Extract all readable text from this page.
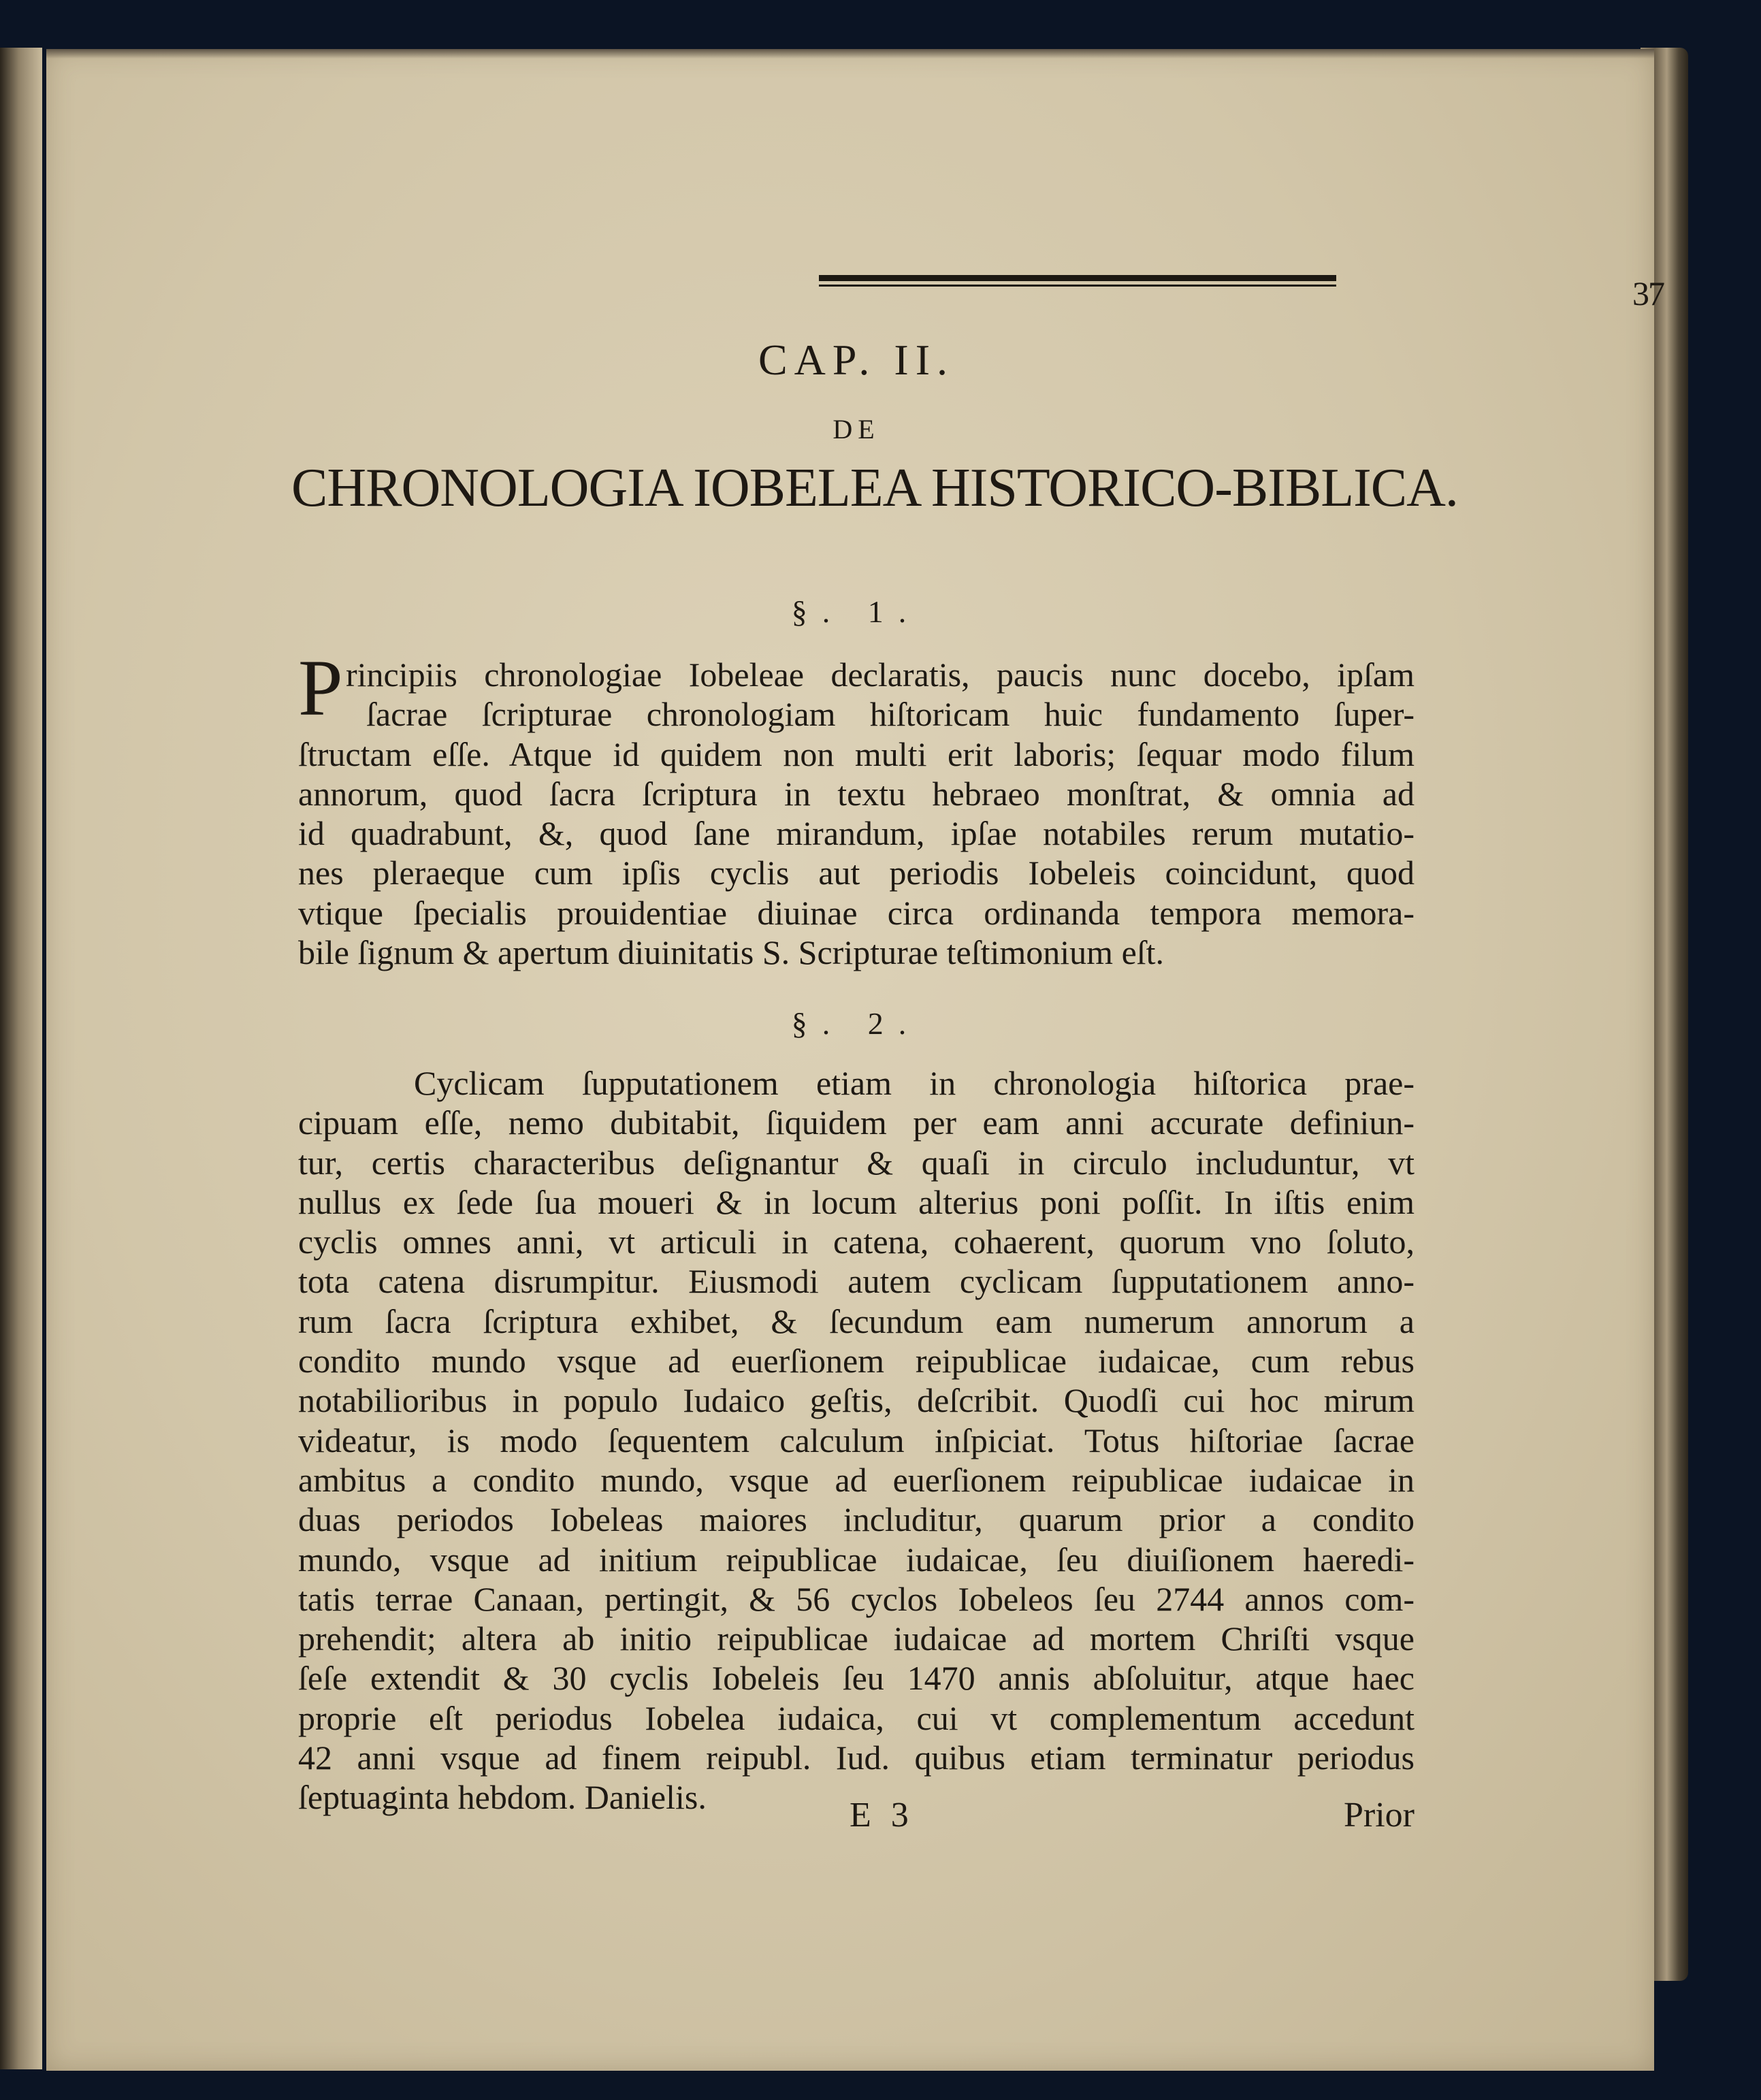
37
CAP. II.
DE
CHRONOLOGIA IOBELEA HISTORICO-BIBLICA.
§. 1.
P rincipiis chronologiae Iobeleae declaratis, paucis nunc docebo, ipſam
ſacrae ſcripturae chronologiam hiſtoricam huic fundamento ſuper-
ſtructam eſſe. Atque id quidem non multi erit laboris; ſequar modo filum
annorum, quod ſacra ſcriptura in textu hebraeo monſtrat, & omnia ad
id quadrabunt, &, quod ſane mirandum, ipſae notabiles rerum mutatio-
nes pleraeque cum ipſis cyclis aut periodis Iobeleis coincidunt, quod
vtique ſpecialis prouidentiae diuinae circa ordinanda tempora memora-
bile ſignum & apertum diuinitatis S. Scripturae teſtimonium eſt.
§. 2.
Cyclicam ſupputationem etiam in chronologia hiſtorica prae-
cipuam eſſe, nemo dubitabit, ſiquidem per eam anni accurate definiun-
tur, certis characteribus deſignantur & quaſi in circulo includuntur, vt
nullus ex ſede ſua moueri & in locum alterius poni poſſit. In iſtis enim
cyclis omnes anni, vt articuli in catena, cohaerent, quorum vno ſoluto,
tota catena disrumpitur. Eiusmodi autem cyclicam ſupputationem anno-
rum ſacra ſcriptura exhibet, & ſecundum eam numerum annorum a
condito mundo vsque ad euerſionem reipublicae iudaicae, cum rebus
notabilioribus in populo Iudaico geſtis, deſcribit. Quodſi cui hoc mirum
videatur, is modo ſequentem calculum inſpiciat. Totus hiſtoriae ſacrae
ambitus a condito mundo, vsque ad euerſionem reipublicae iudaicae in
duas periodos Iobeleas maiores includitur, quarum prior a condito
mundo, vsque ad initium reipublicae iudaicae, ſeu diuiſionem haeredi-
tatis terrae Canaan, pertingit, & 56 cyclos Iobeleos ſeu 2744 annos com-
prehendit; altera ab initio reipublicae iudaicae ad mortem Chriſti vsque
ſeſe extendit & 30 cyclis Iobeleis ſeu 1470 annis abſoluitur, atque haec
proprie eſt periodus Iobelea iudaica, cui vt complementum accedunt
42 anni vsque ad finem reipubl. Iud. quibus etiam terminatur periodus
ſeptuaginta hebdom. Danielis.	E 3	Prior
